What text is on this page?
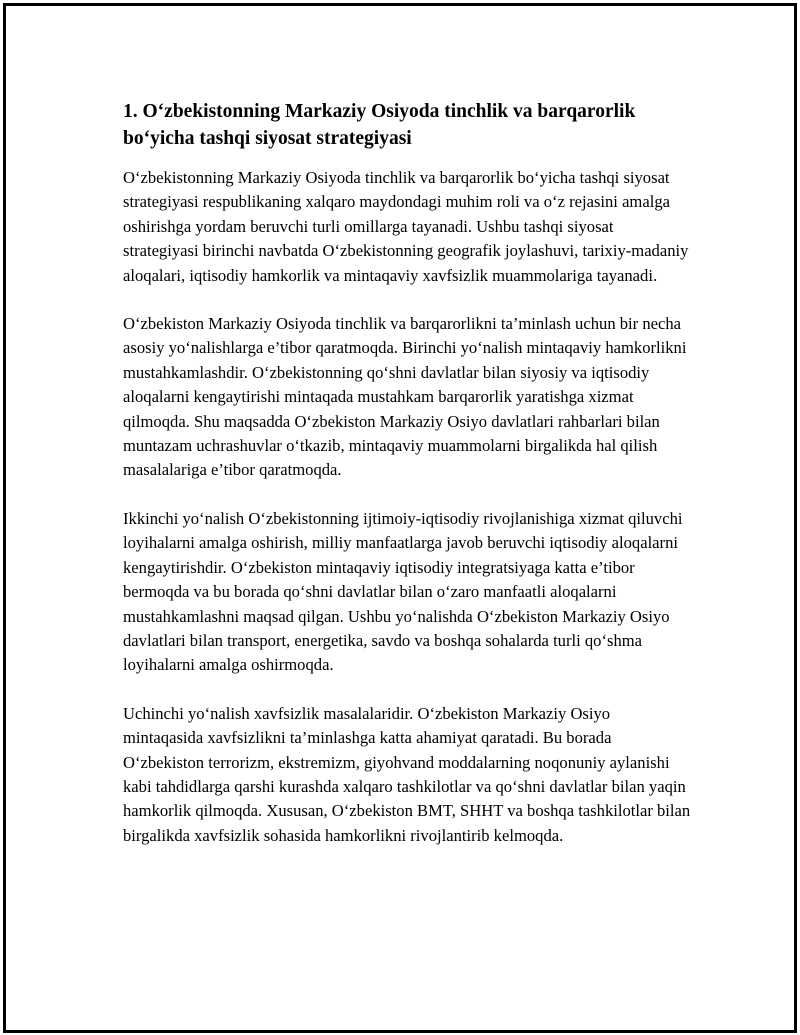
1. O‘zbekistonning Markaziy Osiyoda tinchlik va barqarorlik bo‘yicha tashqi siyosat strategiyasi

O‘zbekistonning Markaziy Osiyoda tinchlik va barqarorlik bo‘yicha tashqi siyosat strategiyasi respublikaning xalqaro maydondagi muhim roli va o‘z rejasini amalga oshirishga yordam beruvchi turli omillarga tayanadi. Ushbu tashqi siyosat strategiyasi birinchi navbatda O‘zbekistonning geografik joylashuvi, tarixiy-madaniy aloqalari, iqtisodiy hamkorlik va mintaqaviy xavfsizlik muammolariga tayanadi.

O‘zbekiston Markaziy Osiyoda tinchlik va barqarorlikni ta’minlash uchun bir necha asosiy yo‘nalishlarga e’tibor qaratmoqda. Birinchi yo‘nalish mintaqaviy hamkorlikni mustahkamlashdir. O‘zbekistonning qo‘shni davlatlar bilan siyosiy va iqtisodiy aloqalarni kengaytirishi mintaqada mustahkam barqarorlik yaratishga xizmat qilmoqda. Shu maqsadda O‘zbekiston Markaziy Osiyo davlatlari rahbarlari bilan muntazam uchrashuvlar o‘tkazib, mintaqaviy muammolarni birgalikda hal qilish masalalariga e’tibor qaratmoqda.

Ikkinchi yo‘nalish O‘zbekistonning ijtimoiy-iqtisodiy rivojlanishiga xizmat qiluvchi loyihalarni amalga oshirish, milliy manfaatlarga javob beruvchi iqtisodiy aloqalarni kengaytirishdir. O‘zbekiston mintaqaviy iqtisodiy integratsiyaga katta e’tibor bermoqda va bu borada qo‘shni davlatlar bilan o‘zaro manfaatli aloqalarni mustahkamlashni maqsad qilgan. Ushbu yo‘nalishda O‘zbekiston Markaziy Osiyo davlatlari bilan transport, energetika, savdo va boshqa sohalarda turli qo‘shma loyihalarni amalga oshirmoqda.

Uchinchi yo‘nalish xavfsizlik masalalaridir. O‘zbekiston Markaziy Osiyo mintaqasida xavfsizlikni ta’minlashga katta ahamiyat qaratadi. Bu borada O‘zbekiston terrorizm, ekstremizm, giyohvand moddalarning noqonuniy aylanishi kabi tahdidlarga qarshi kurashda xalqaro tashkilotlar va qo‘shni davlatlar bilan yaqin hamkorlik qilmoqda. Xususan, O‘zbekiston BMT, SHHT va boshqa tashkilotlar bilan birgalikda xavfsizlik sohasida hamkorlikni rivojlantirib kelmoqda.
